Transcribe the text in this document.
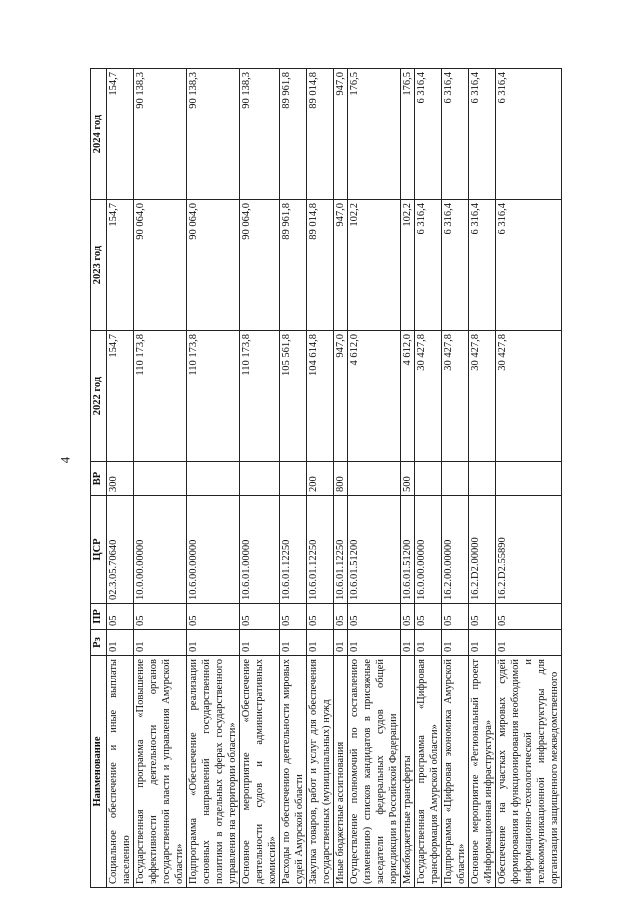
4
Наименование	Рз	ПР	ЦСР	ВР	2022 год	2023 год	2024 год
Социальное обеспечение и иные выплаты населению	01	05	02.3.05.70640	300	154,7	154,7	154,7
Государственная программа «Повышение эффективности деятельности органов государственной власти и управления Амурской области»	01	05	10.0.00.00000		110 173,8	90 064,0	90 138,3
Подпрограмма «Обеспечение реализации основных направлений государственной политики в отдельных сферах государственного управления на территории области»	01	05	10.6.00.00000		110 173,8	90 064,0	90 138,3
Основное мероприятие «Обеспечение деятельности судов и административных комиссий»	01	05	10.6.01.00000		110 173,8	90 064,0	90 138,3
Расходы по обеспечению деятельности мировых судей Амурской области	01	05	10.6.01.12250		105 561,8	89 961,8	89 961,8
Закупка товаров, работ и услуг для обеспечения государственных (муниципальных) нужд	01	05	10.6.01.12250	200	104 614,8	89 014,8	89 014,8
Иные бюджетные ассигнования	01	05	10.6.01.12250	800	947,0	947,0	947,0
Осуществление полномочий по составлению (изменению) списков кандидатов в присяжные заседатели федеральных судов общей юрисдикции в Российской Федерации	01	05	10.6.01.51200		4 612,0	102,2	176,5
Межбюджетные трансферты	01	05	10.6.01.51200	500	4 612,0	102,2	176,5
Государственная программа «Цифровая трансформация Амурской области»	01	05	16.0.00.00000		30 427,8	6 316,4	6 316,4
Подпрограмма «Цифровая экономика Амурской области»	01	05	16.2.00.00000		30 427,8	6 316,4	6 316,4
Основное мероприятие «Региональный проект «Информационная инфраструктура»	01	05	16.2.D2.00000		30 427,8	6 316,4	6 316,4
Обеспечение на участках мировых судей формирования и функционирования необходимой информационно-технологической и телекоммуникационной инфраструктуры для организации защищенного межведомственного	01	05	16.2.D2.55890		30 427,8	6 316,4	6 316,4
